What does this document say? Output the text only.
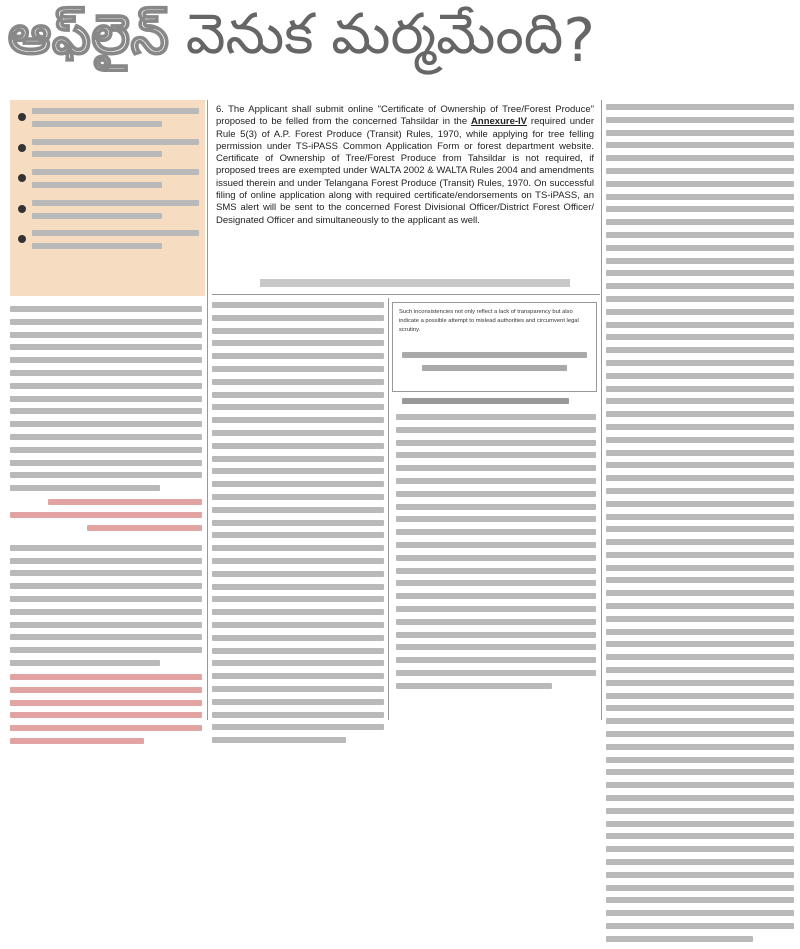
ఆఫ్‌లైన్ వెనుక మర్మమేంది ?
6. The Applicant shall submit online "Certificate of Ownership of Tree/Forest Produce" proposed to be felled from the concerned Tahsildar in the Annexure-IV required under Rule 5(3) of A.P. Forest Produce (Transit) Rules, 1970, while applying for tree felling permission under TS-iPASS Common Application Form or forest department website. Certificate of Ownership of Tree/Forest Produce from Tahsildar is not required, if proposed trees are exempted under WALTA 2002 & WALTA Rules 2004 and amendments issued therein and under Telangana Forest Produce (Transit) Rules, 1970. On successful filing of online application along with required certificate/endorsements on TS-iPASS, an SMS alert will be sent to the concerned Forest Divisional Officer/District Forest Officer/ Designated Officer and simultaneously to the applicant as well.
Such inconsistencies not only reflect a lack of transparency but also indicate a possible attempt to mislead authorities and circumvent legal scrutiny.
